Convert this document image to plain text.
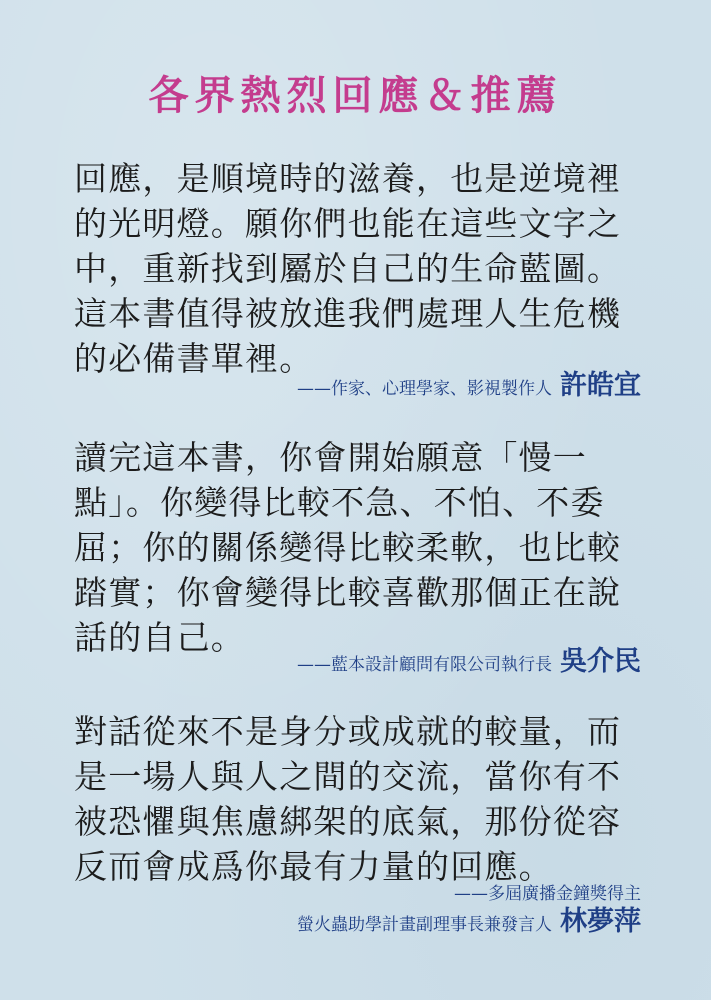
各界熱烈回應＆推薦
回應，是順境時的滋養，也是逆境裡
的光明燈。願你們也能在這些文字之
中，重新找到屬於自己的生命藍圖。
這本書值得被放進我們處理人生危機
的必備書單裡。
——作家、心理學家、影視製作人 許皓宜
讀完這本書，你會開始願意「慢一
點」。你變得比較不急、不怕、不委
屈；你的關係變得比較柔軟，也比較
踏實；你會變得比較喜歡那個正在說
話的自己。
——藍本設計顧問有限公司執行長 吳介民
對話從來不是身分或成就的較量，而
是一場人與人之間的交流，當你有不
被恐懼與焦慮綁架的底氣，那份從容
反而會成爲你最有力量的回應。
——多屆廣播金鐘獎得主
螢火蟲助學計畫副理事長兼發言人 林夢萍
